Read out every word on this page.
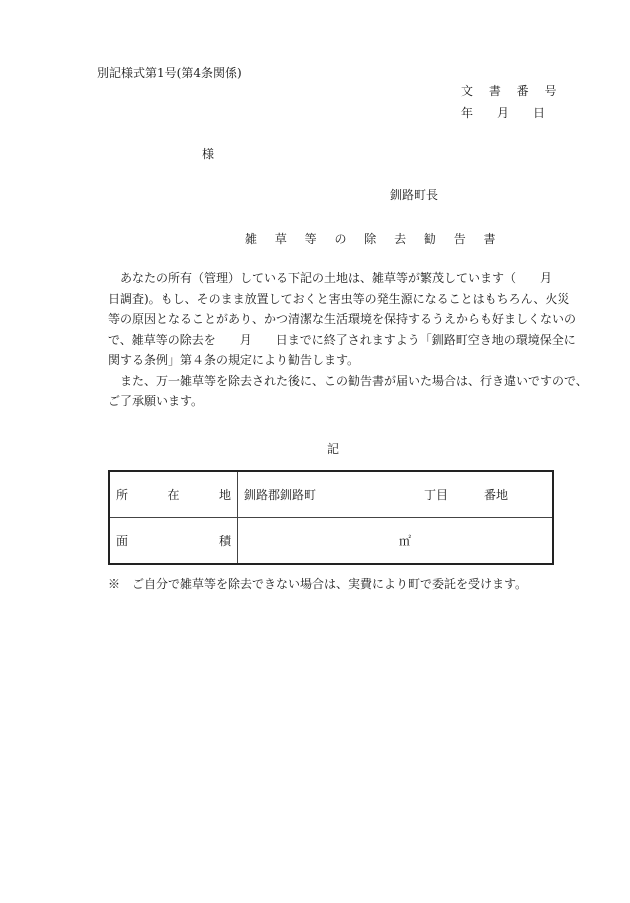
別記様式第1号(第4条関係)
文 書 番 号
年　　月　　日
様
釧路町長
雑 草 等 の 除 去 勧 告 書
あなたの所有（管理）している下記の土地は、雑草等が繁茂しています（　　月
日調査)。もし、そのまま放置しておくと害虫等の発生源になることはもちろん、火災
等の原因となることがあり、かつ清潔な生活環境を保持するうえからも好ましくないの
で、雑草等の除去を　　月　　日までに終了されますよう「釧路町空き地の環境保全に
関する条例」第４条の規定により勧告します。
また、万一雑草等を除去された後に、この勧告書が届いた場合は、行き違いですので、
ご了承願います。
記
所 在 地	釧路郡釧路町　　　　　　　　　丁目　　　番地

面 積	㎡
※　ご自分で雑草等を除去できない場合は、実費により町で委託を受けます。
